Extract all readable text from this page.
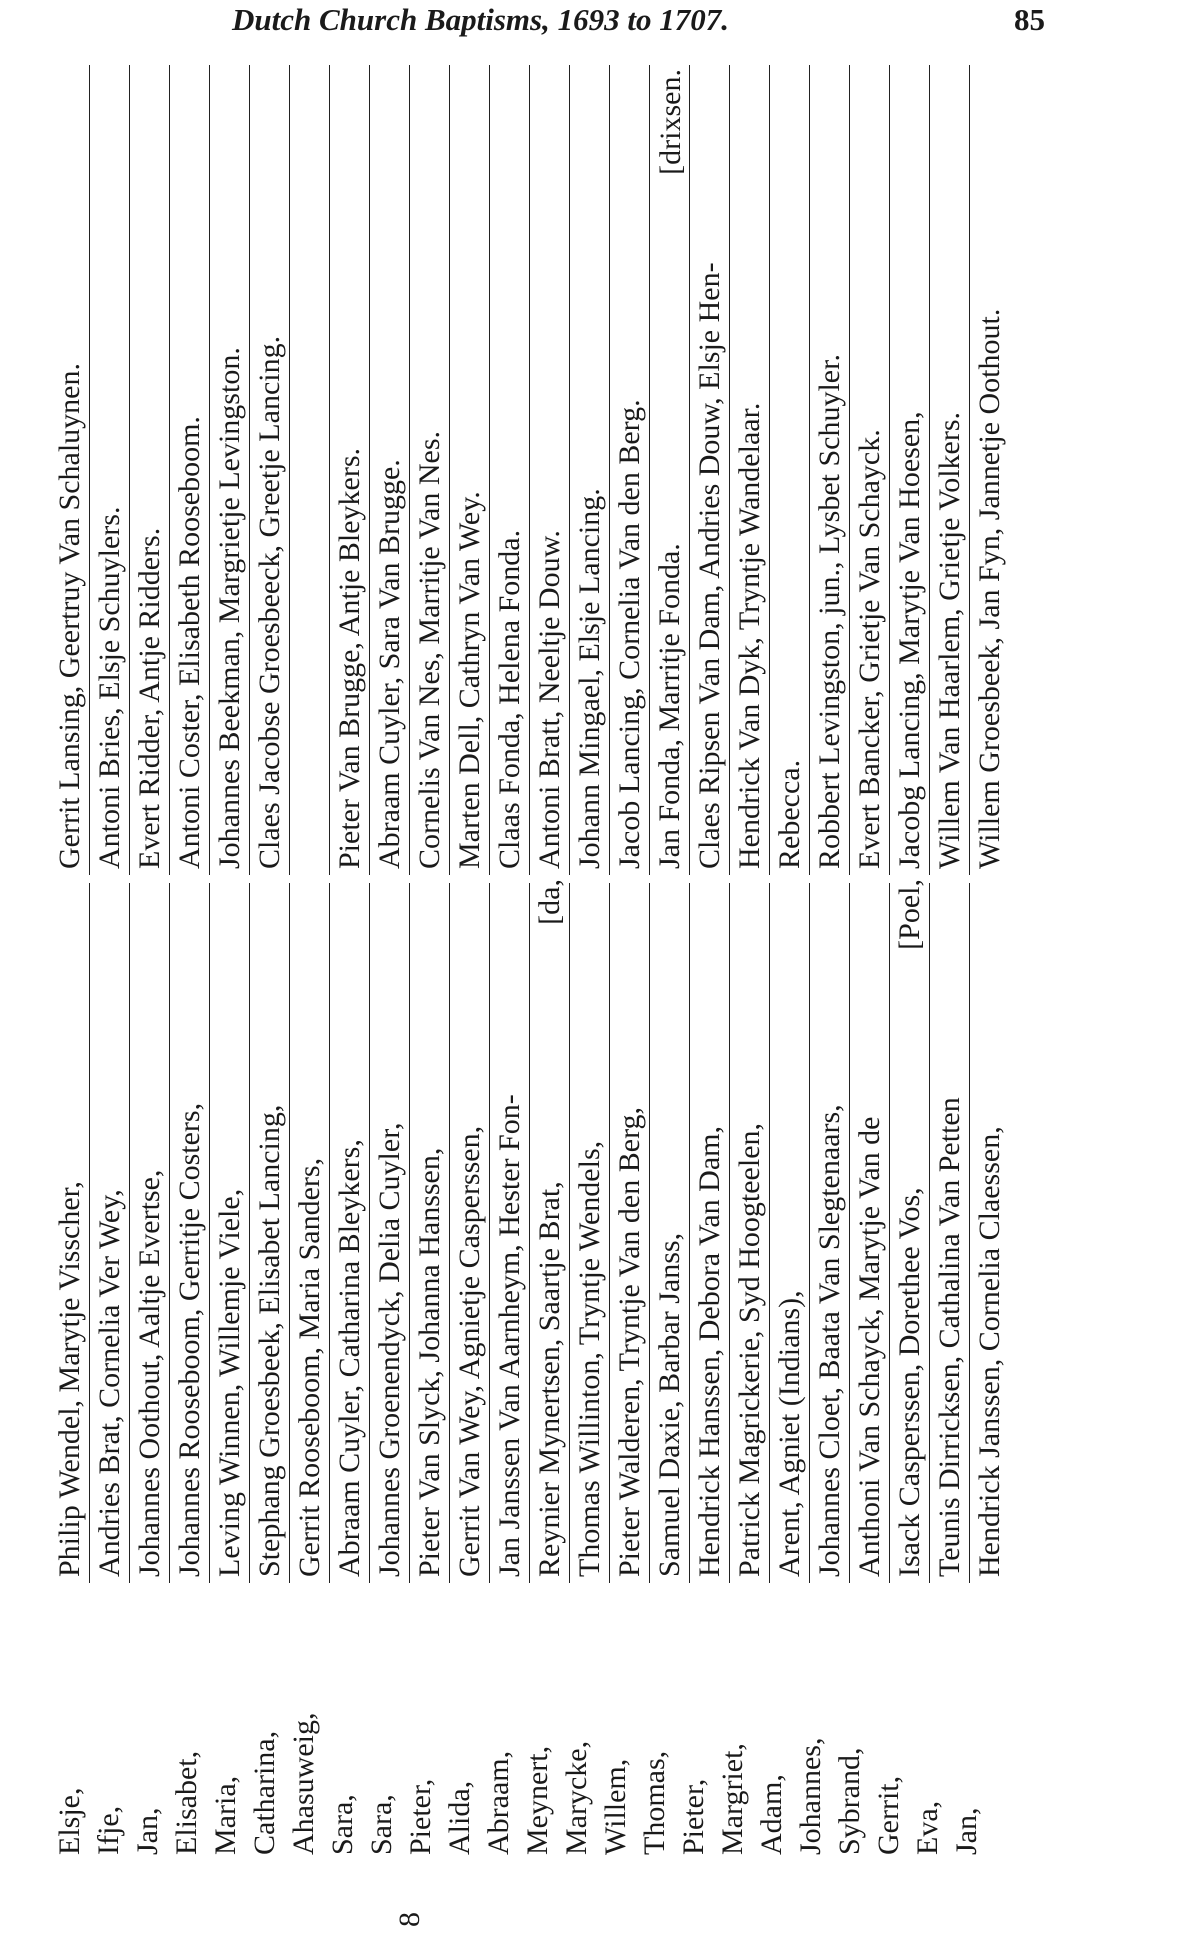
Dutch Church Baptisms, 1693 to 1707.	85
8
Elsje, Ifje, Jan, Elisabet, Maria, Catharina, Ahasuweig, Sara, Sara, Pieter, Alida, Abraam, Meynert, Marycke, Willem, Thomas, Pieter, Margriet, Adam, Johannes, Sybrand, Gerrit, Eva, Jan,
Philip Wendel, Marytje Visscher, Andries Brat, Cornelia Ver Wey, Johannes Oothout, Aaltje Evertse, Johannes Rooseboom, Gerritje Costers, Leving Winnen, Willemje Viele, Stephang Groesbeek, Elisabet Lancing, Gerrit Rooseboom, Maria Sanders, Abraam Cuyler, Catharina Bleykers, Johannes Groenendyck, Delia Cuyler, Pieter Van Slyck, Johanna Hanssen, Gerrit Van Wey, Agnietje Casperssen, Jan Janssen Van Aarnheym, Hester Fon- Reynier Mynertsen, Saartje Brat,
[da,
Thomas Willinton, Tryntje Wendels, Pieter Walderen, Tryntje Van den Berg, Samuel Daxie, Barbar Janss, Hendrick Hanssen, Debora Van Dam, Patrick Magrickerie, Syd Hoogteelen, Arent, Agniet (Indians), Johannes Cloet, Baata Van Slegtenaars, Anthoni Van Schayck, Marytje Van de Isack Casperssen, Dorethee Vos,
[Poel,
Teunis Dirricksen, Cathalina Van Petten Hendrick Janssen, Cornelia Claessen,
Gerrit Lansing, Geertruy Van Schaluynen. Antoni Bries, Elsje Schuylers. Evert Ridder, Antje Ridders. Antoni Coster, Elisabeth Rooseboom. Johannes Beekman, Margrietje Levingston. Claes Jacobse Groesbeeck, Greetje Lancing. Pieter Van Brugge, Antje Bleykers. Abraam Cuyler, Sara Van Brugge. Cornelis Van Nes, Marritje Van Nes. Marten Dell, Cathryn Van Wey. Claas Fonda, Helena Fonda. Antoni Bratt, Neeltje Douw. Johann Mingael, Elsje Lancing. Jacob Lancing, Cornelia Van den Berg. Jan Fonda, Marritje Fonda. Claes Ripsen Van Dam, Andries Douw, Elsje Hen-
[drixsen.
Hendrick Van Dyk, Tryntje Wandelaar. Rebecca. Robbert Levingston, jun., Lysbet Schuyler. Evert Bancker, Grietje Van Schayck. Jacobg Lancing, Marytje Van Hoesen, Willem Van Haarlem, Grietje Volkers. Willem Groesbeek, Jan Fyn, Jannetje Oothout.
